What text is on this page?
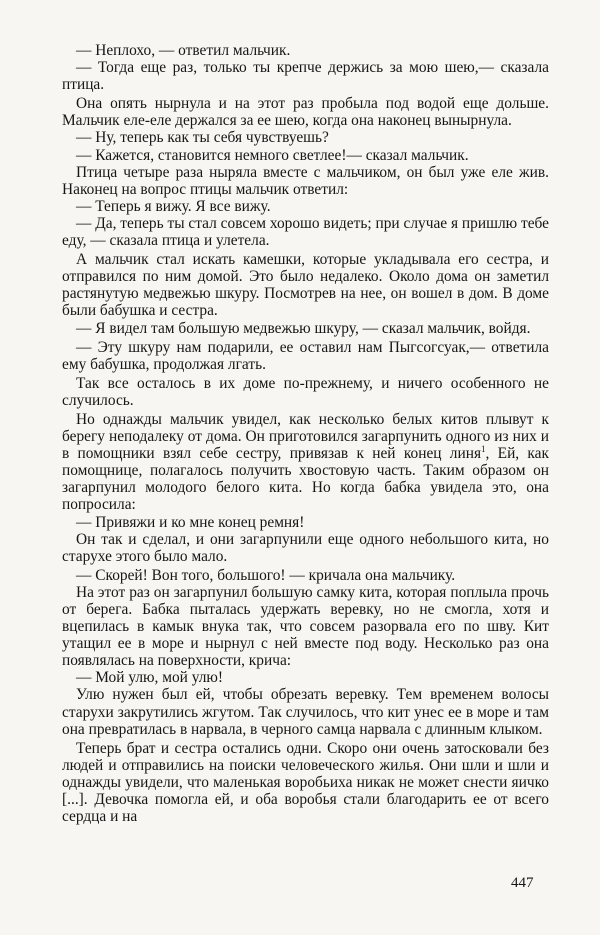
— Неплохо, — ответил мальчик.

— Тогда еще раз, только ты крепче держись за мою шею,— сказала птица.

Она опять нырнула и на этот раз пробыла под водой еще дольше. Мальчик еле-еле держался за ее шею, когда она наконец вынырнула.

— Ну, теперь как ты себя чувствуешь?

— Кажется, становится немного светлее!— сказал мальчик.

Птица четыре раза ныряла вместе с мальчиком, он был уже еле жив. Наконец на вопрос птицы мальчик ответил:

— Теперь я вижу. Я все вижу.

— Да, теперь ты стал совсем хорошо видеть; при случае я пришлю тебе еду, — сказала птица и улетела.

А мальчик стал искать камешки, которые укладывала его сестра, и отправился по ним домой. Это было недалеко. Около дома он заметил растянутую медвежью шкуру. Посмотрев на нее, он вошел в дом. В доме были бабушка и сестра.

— Я видел там большую медвежью шкуру, — сказал мальчик, войдя.

— Эту шкуру нам подарили, ее оставил нам Пыгсогсуак,— ответила ему бабушка, продолжая лгать.

Так все осталось в их доме по-прежнему, и ничего особенного не случилось.

Но однажды мальчик увидел, как несколько белых китов плывут к берегу неподалеку от дома. Он приготовился загарпунить одного из них и в помощники взял себе сестру, привязав к ней конец линя$^1$, Ей, как помощнице, полагалось получить хвостовую часть. Таким образом он загарпунил молодого белого кита. Но когда бабка увидела это, она попросила:

— Привяжи и ко мне конец ремня!

Он так и сделал, и они загарпунили еще одного небольшого кита, но старухе этого было мало.

— Скорей! Вон того, большого! — кричала она мальчику.

На этот раз он загарпунил большую самку кита, которая поплыла прочь от берега. Бабка пыталась удержать веревку, но не смогла, хотя и вцепилась в камык внука так, что совсем разорвала его по шву. Кит утащил ее в море и нырнул с ней вместе под воду. Несколько раз она появлялась на поверхности, крича:

— Мой улю, мой улю!

Улю нужен был ей, чтобы обрезать веревку. Тем временем волосы старухи закрутились жгутом. Так случилось, что кит унес ее в море и там она превратилась в нарвала, в черного самца нарвала с длинным клыком.

Теперь брат и сестра остались одни. Скоро они очень затосковали без людей и отправились на поиски человеческого жилья. Они шли и шли и однажды увидели, что маленькая воробьиха никак не может снести яичко [...]. Девочка помогла ей, и оба воробья стали благодарить ее от всего сердца и на

447
